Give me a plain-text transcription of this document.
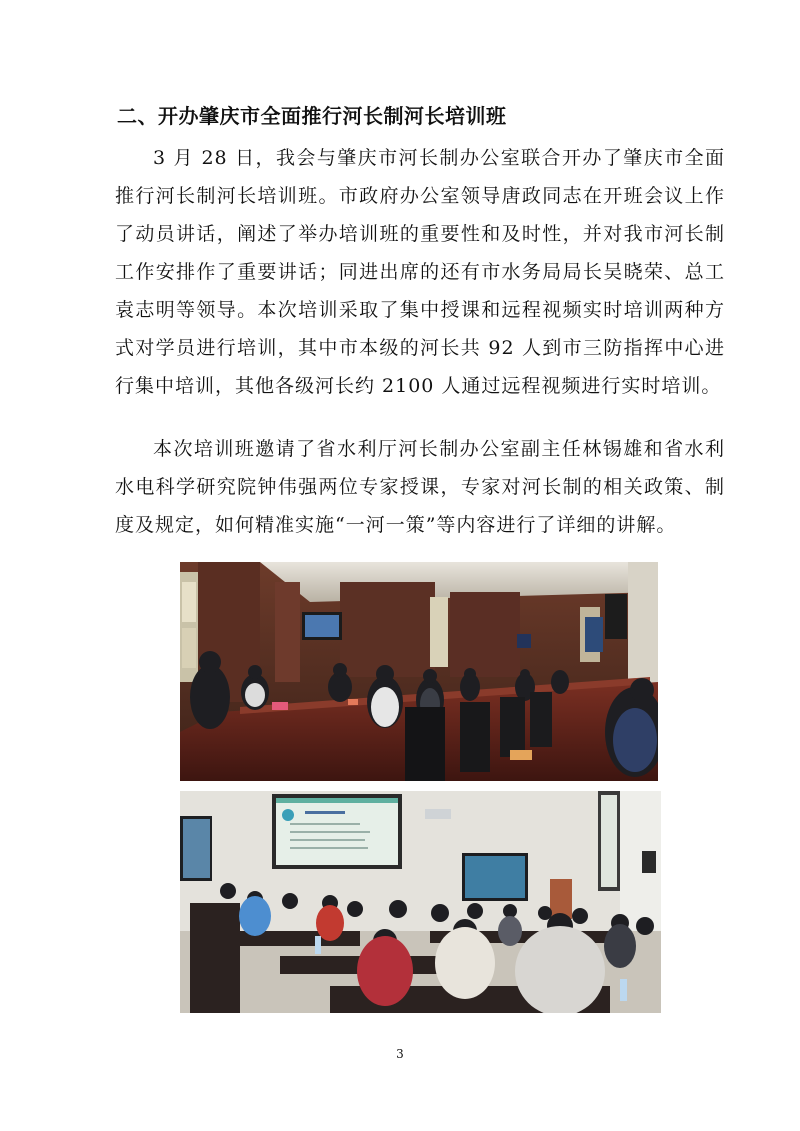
二、开办肇庆市全面推行河长制河长培训班

3 月 28 日，我会与肇庆市河长制办公室联合开办了肇庆市全面推行河长制河长培训班。市政府办公室领导唐政同志在开班会议上作了动员讲话，阐述了举办培训班的重要性和及时性，并对我市河长制工作安排作了重要讲话；同进出席的还有市水务局局长吴晓荣、总工袁志明等领导。本次培训采取了集中授课和远程视频实时培训两种方式对学员进行培训，其中市本级的河长共 92 人到市三防指挥中心进行集中培训，其他各级河长约 2100 人通过远程视频进行实时培训。

本次培训班邀请了省水利厅河长制办公室副主任林锡雄和省水利水电科学研究院钟伟强两位专家授课，专家对河长制的相关政策、制度及规定，如何精准实施“一河一策”等内容进行了详细的讲解。

3
